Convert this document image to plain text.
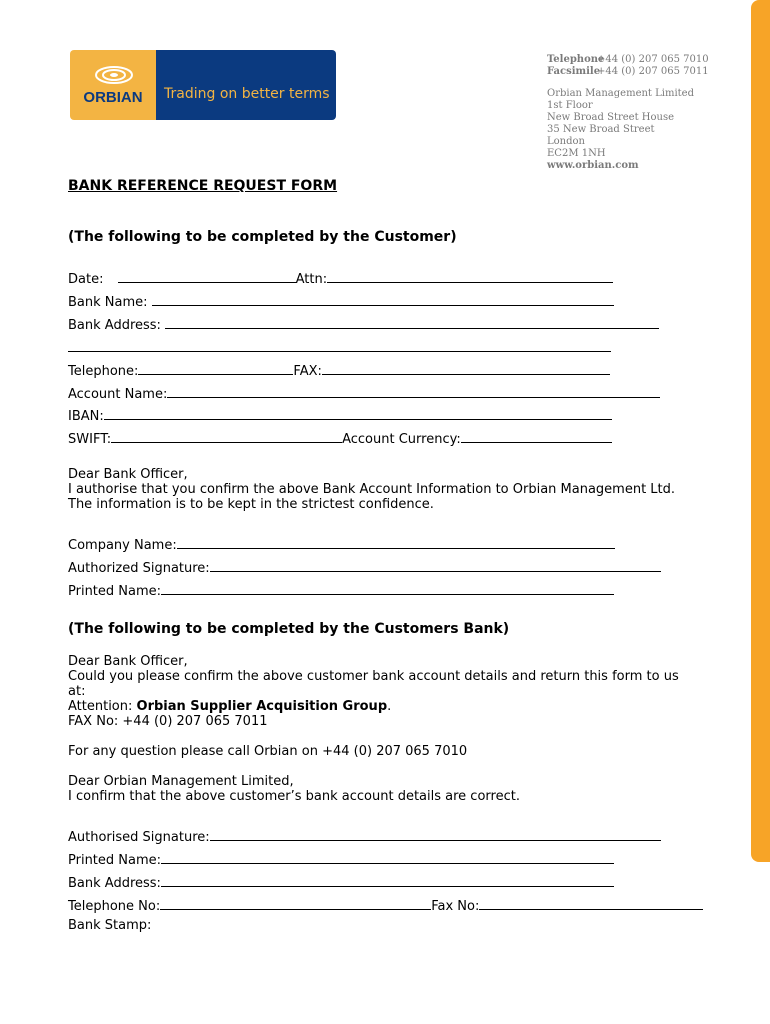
ORBIAN	Trading on better terms
Telephone+44 (0) 207 065 7010
Facsimile+44 (0) 207 065 7011
Orbian Management Limited
1st Floor
New Broad Street House
35 New Broad Street
London
EC2M 1NH
www.orbian.com
BANK REFERENCE REQUEST FORM
(The following to be completed by the Customer)
Date:	Attn:
Bank Name:
Bank Address:
Telephone:	FAX:
Account Name:
IBAN:
SWIFT:	Account Currency:
Dear Bank Officer,
I authorise that you confirm the above Bank Account Information to Orbian Management Ltd. The information is to be kept in the strictest confidence.
Company Name:
Authorized Signature:
Printed Name:
(The following to be completed by the Customers Bank)
Dear Bank Officer,
Could you please confirm the above customer bank account details and return this form to us at:
Attention: Orbian Supplier Acquisition Group.
FAX No: +44 (0) 207 065 7011
For any question please call Orbian on +44 (0) 207 065 7010
Dear Orbian Management Limited,
I confirm that the above customer’s bank account details are correct.
Authorised Signature:
Printed Name:
Bank Address:
Telephone No:	Fax No:
Bank Stamp:
